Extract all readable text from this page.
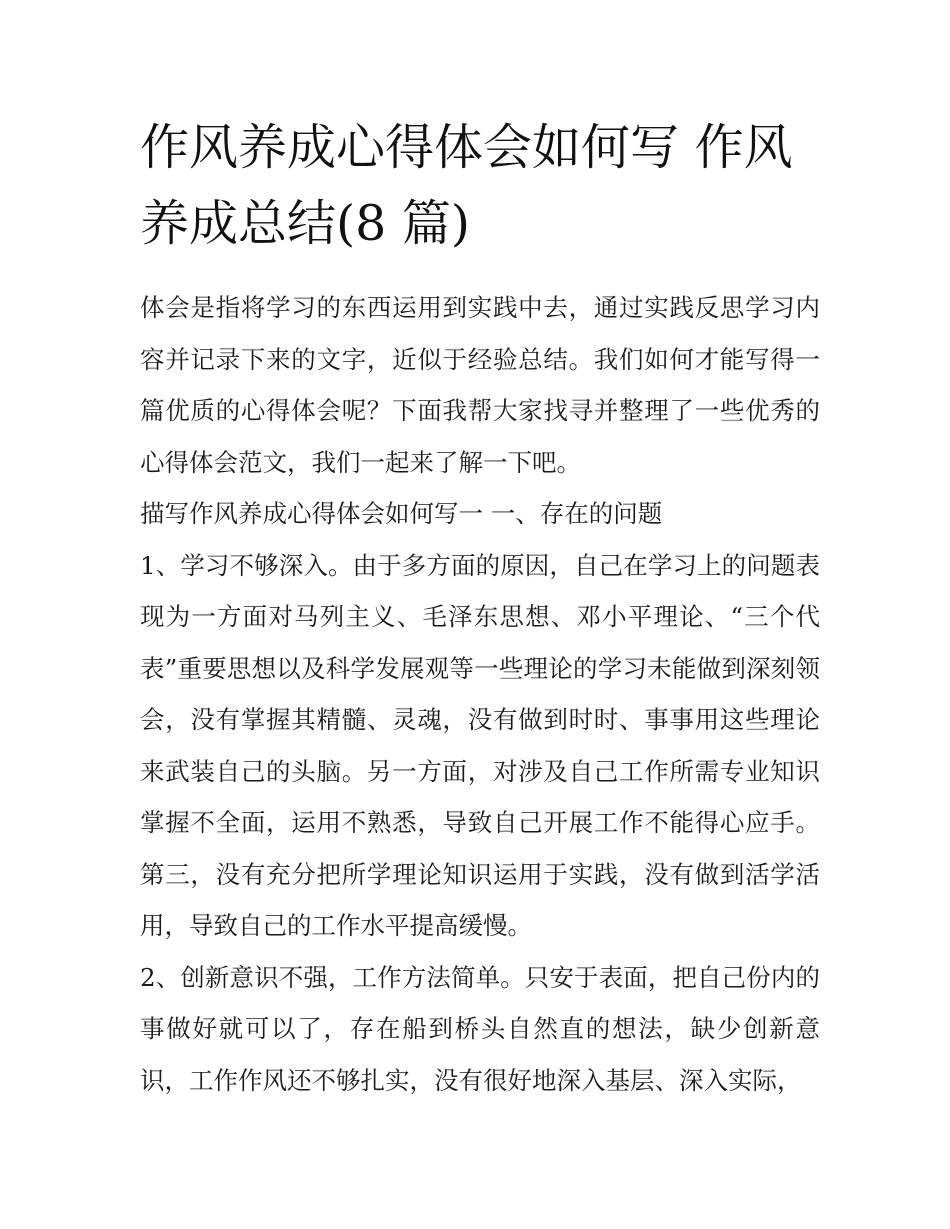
作风养成心得体会如何写 作风养成总结(8 篇)

体会是指将学习的东西运用到实践中去，通过实践反思学习内容并记录下来的文字，近似于经验总结。我们如何才能写得一篇优质的心得体会呢？下面我帮大家找寻并整理了一些优秀的心得体会范文，我们一起来了解一下吧。

描写作风养成心得体会如何写一 一、存在的问题

1、学习不够深入。由于多方面的原因，自己在学习上的问题表现为一方面对马列主义、毛泽东思想、邓小平理论、“三个代表”重要思想以及科学发展观等一些理论的学习未能做到深刻领会，没有掌握其精髓、灵魂，没有做到时时、事事用这些理论来武装自己的头脑。另一方面，对涉及自己工作所需专业知识掌握不全面，运用不熟悉，导致自己开展工作不能得心应手。第三，没有充分把所学理论知识运用于实践，没有做到活学活用，导致自己的工作水平提高缓慢。

2、创新意识不强，工作方法简单。只安于表面，把自己份内的事做好就可以了，存在船到桥头自然直的想法，缺少创新意识，工作作风还不够扎实，没有很好地深入基层、深入实际，
